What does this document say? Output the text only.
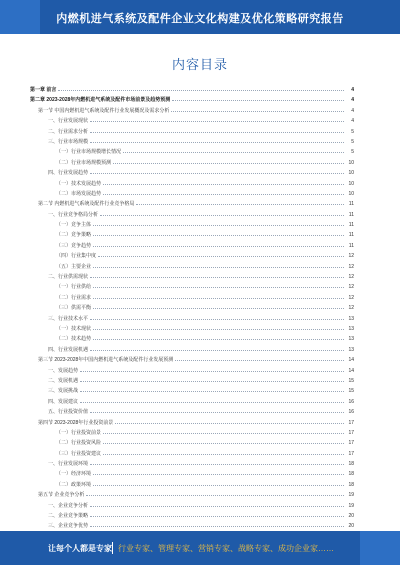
内燃机进气系统及配件企业文化构建及优化策略研究报告
内容目录
第一章 前言	4
第二章 2023-2028年内燃机进气系统及配件市场前景及趋势预测	4
第一节 中国内燃机进气系统及配件行业发展概况及需求分析	4
一、行业发展现状	4
二、行业需求分析	5
三、行业市场规模	5
（一）行业市场规模增长情况	5
（二）行业市场规模预测	10
四、行业发展趋势	10
（一）技术发展趋势	10
（二）市场发展趋势	10
第二节 内燃机进气系统及配件行业竞争格局	11
一、行业竞争格局分析	11
（一）竞争主体	11
（二）竞争策略	11
（三）竞争趋势	11
（四）行业集中度	12
（五）主要企业	12
二、行业供需现状	12
（一）行业供给	12
（二）行业需求	12
（三）供需平衡	12
三、行业技术水平	13
（一）技术现状	13
（二）技术趋势	13
四、行业发展机遇	13
第三节 2023-2028年中国内燃机进气系统及配件行业发展预测	14
一、发展趋势	14
二、发展机遇	15
三、发展挑战	15
四、发展建议	16
五、行业投资价值	16
第四节 2023-2028年行业投资前景	17
（一）行业投资前景	17
（二）行业投资风险	17
（三）行业投资建议	17
一、行业发展环境	18
（一）经济环境	18
（二）政策环境	18
第五节 企业竞争分析	19
一、企业竞争分析	19
二、企业竞争策略	20
三、企业竞争优势	20
让每个人都是专家 行业专家、管理专家、营销专家、战略专家、成功企业家……
